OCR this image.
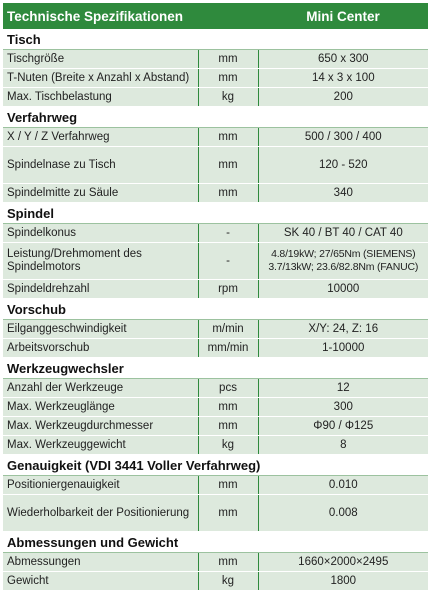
Technische Spezifikationen		Mini Center
Tisch		
Tischgröße	mm	650 x 300
T-Nuten (Breite x Anzahl x Abstand)	mm	14 x 3 x 100
Max. Tischbelastung	kg	200
Verfahrweg		
X / Y / Z Verfahrweg	mm	500 / 300 / 400
Spindelnase zu Tisch	mm	120 - 520
Spindelmitte zu Säule	mm	340
Spindel		
Spindelkonus	-	SK 40 / BT 40 / CAT 40
Leistung/Drehmoment des Spindelmotors	-	4.8/19kW; 27/65Nm (SIEMENS)
3.7/13kW; 23.6/82.8Nm (FANUC)

Spindeldrehzahl	rpm	10000
Vorschub		
Eilganggeschwindigkeit	m/min	X/Y: 24, Z: 16
Arbeitsvorschub	mm/min	1-10000
Werkzeugwechsler		
Anzahl der Werkzeuge	pcs	12
Max. Werkzeuglänge	mm	300
Max. Werkzeugdurchmesser	mm	Φ90 / Φ125
Max. Werkzeuggewicht	kg	8
Genauigkeit (VDI 3441 Voller Verfahrweg)		
Positioniergenauigkeit	mm	0.010
Wiederholbarkeit der Positionierung	mm	0.008
Abmessungen und Gewicht		
Abmessungen	mm	1660×2000×2495
Gewicht	kg	1800
